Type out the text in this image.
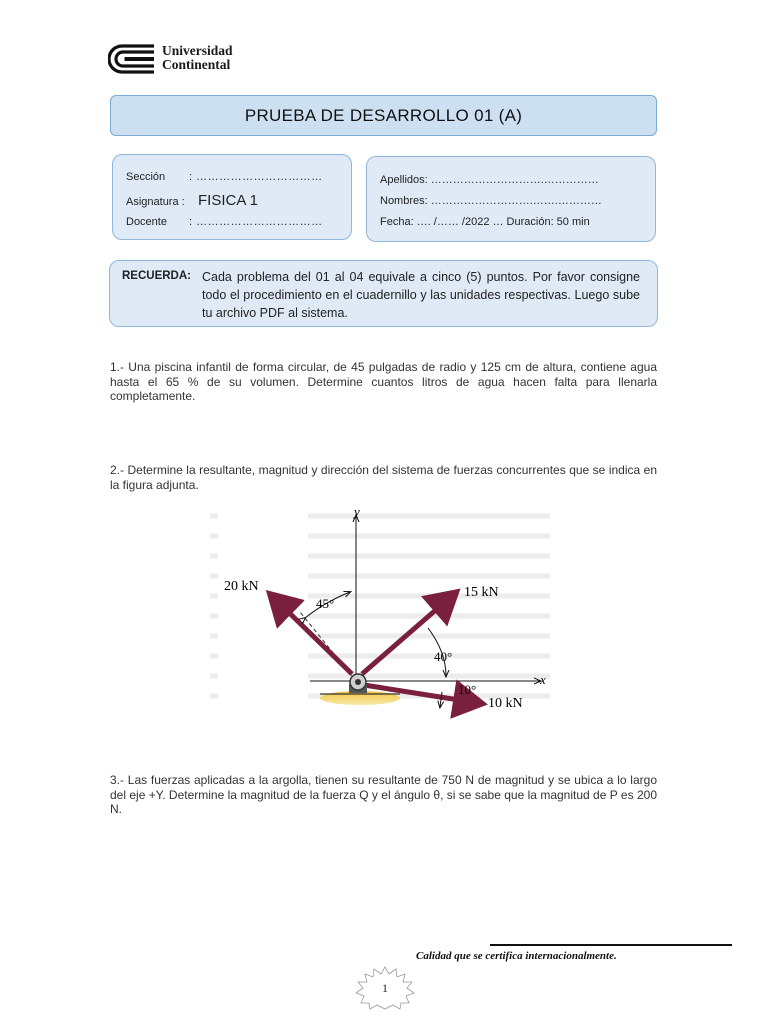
Universidad
Continental
PRUEBA DE DESARROLLO 01 (A)
Sección : ……………………………
Asignatura : FISICA 1
Docente : ……………………………
Apellidos: ………………………….……………
Nombres: ……………………….…….…………
Fecha: …. /…… /2022 … Duración: 50 min
RECUERDA: Cada problema del 01 al 04 equivale a cinco (5) puntos. Por favor consigne todo el procedimiento en el cuadernillo y las unidades respectivas. Luego sube tu archivo PDF al sistema.
1.- Una piscina infantil de forma circular, de 45 pulgadas de radio y 125 cm de altura, contiene agua hasta el 65 % de su volumen. Determine cuantos litros de agua hacen falta para llenarla completamente.
2.- Determine la resultante, magnitud y dirección del sistema de fuerzas concurrentes que se indica en la figura adjunta.
y
x
20 kN	15 kN
10 kN
45°
40°
10°
3.- Las fuerzas aplicadas a la argolla, tienen su resultante de 750 N de magnitud y se ubica a lo largo del eje +Y. Determine la magnitud de la fuerza Q y el ángulo θ, si se sabe que la magnitud de P es 200 N.
Calidad que se certifica internacionalmente.
1
